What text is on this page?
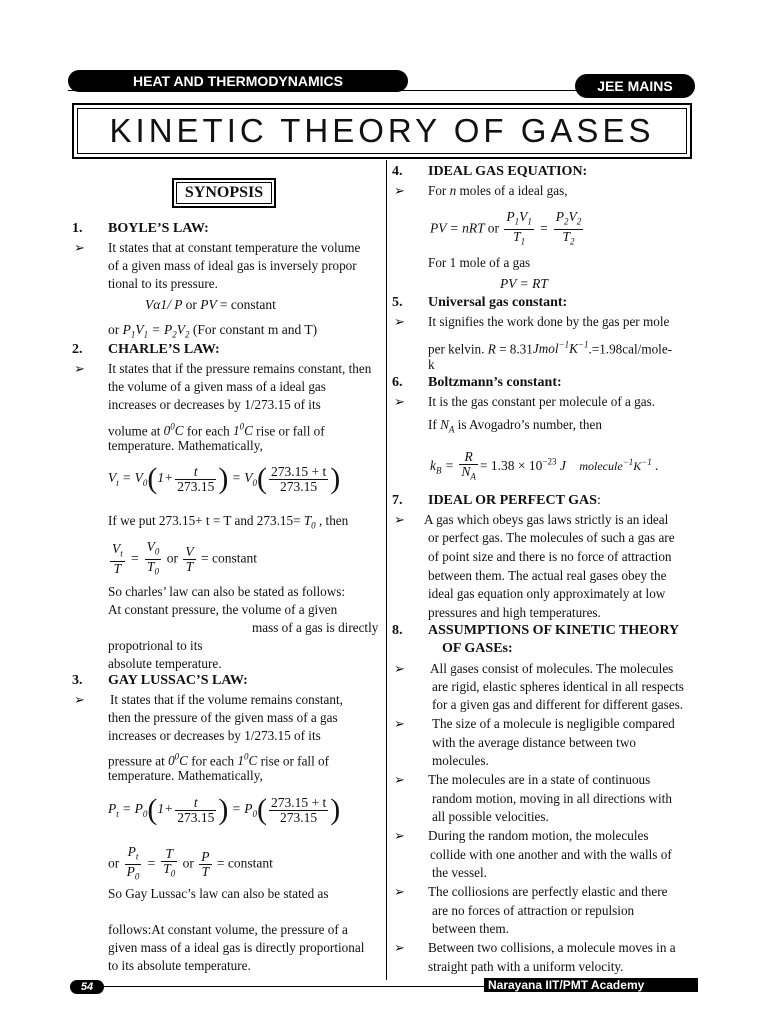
HEAT AND THERMODYNAMICS	JEE MAINS
KINETIC THEORY OF GASES
SYNOPSIS
1. BOYLE’S LAW:
➢ It states that at constant temperature the volume
of a given mass of ideal gas is inversely propor
tional to its pressure.
Vα1/ P or PV = constant
or $P_1V_1 = P_2V_2$ (For constant m and T)
2. CHARLE’S LAW:
➢ It states that if the pressure remains constant, then
the volume of a given mass of a ideal gas
increases or decreases by 1/273.15 of its
volume at $0^0C$ for each $1^0C$ rise or fall of
temperature. Mathematically,
$V_t = V_0(1+ \frac{t}{273.15}$ ) = $V_0( \frac{273.15 + t}{273.15}$ )
If we put 273.15+ t = T and $273.15= T_0$ , then
$\frac{V_t}{T} = \frac{V_0}{T_0}$ or $\frac{V}{T}$ = constant
So charles’ law can also be stated as follows:
At constant pressure, the volume of a given
mass of a gas is directly
propotrional to its
absolute temperature.
3. GAY LUSSAC’S LAW:
➢ It states that if the volume remains constant,
then the pressure of the given mass of a gas
increases or decreases by 1/273.15 of its
pressure at $0^0C$ for each $1^0C$ rise or fall of
temperature. Mathematically,
$P_t = P_0(1+ \frac{t}{273.15}$ ) = $P_0( \frac{273.15 + t}{273.15}$ )
or $\frac{P_t}{P_0} = \frac{T}{T_0}$ or $\frac{P}{T}$ = constant
So Gay Lussac’s law can also be stated as
follows:At constant volume, the pressure of a
given mass of a ideal gas is directly proportional
to its absolute temperature.
4. IDEAL GAS EQUATION:
➢ For n moles of a ideal gas,
PV = nRT or $\frac{P_1V_1}{T_1} = \frac{P_2V_2}{T_2}$
For 1 mole of a gas
PV = RT
5. Universal gas constant:
➢ It signifies the work done by the gas per mole
per kelvin. $R = 8.31Jmol^{-1}K^{-1}.=1.98cal/mole-$
k
6. Boltzmann’s constant:
➢ It is the gas constant per molecule of a gas.
If $N_A$ is Avogadro’s number, then
$k_B = \frac{R}{N_A} = 1.38 \times 10^{-23}$ J    $molecule^{-1}K^{-1}$ .
7. IDEAL OR PERFECT GAS:
➢ A gas which obeys gas laws strictly is an ideal
or perfect gas. The molecules of such a gas are
of point size and there is no force of attraction
between them. The actual real gases obey the
ideal gas equation only approximately at low
pressures and high temperatures.
8. ASSUMPTIONS OF KINETIC THEORY
OF GASEs:
➢ All gases consist of molecules. The molecules
are rigid, elastic spheres identical in all respects
for a given gas and different for different gases.
➢ The size of a molecule is negligible compared
with the average distance between two
molecules.
➢ The molecules are in a state of continuous
random motion, moving in all directions with
all possible velocities.
➢ During the random motion, the molecules
collide with one another and with the walls of
the vessel.
➢ The colliosions are perfectly elastic and there
are no forces of attraction or repulsion
between them.
➢ Between two collisions, a molecule moves in a
straight path with a uniform velocity.
54	Narayana IIT/PMT Academy
